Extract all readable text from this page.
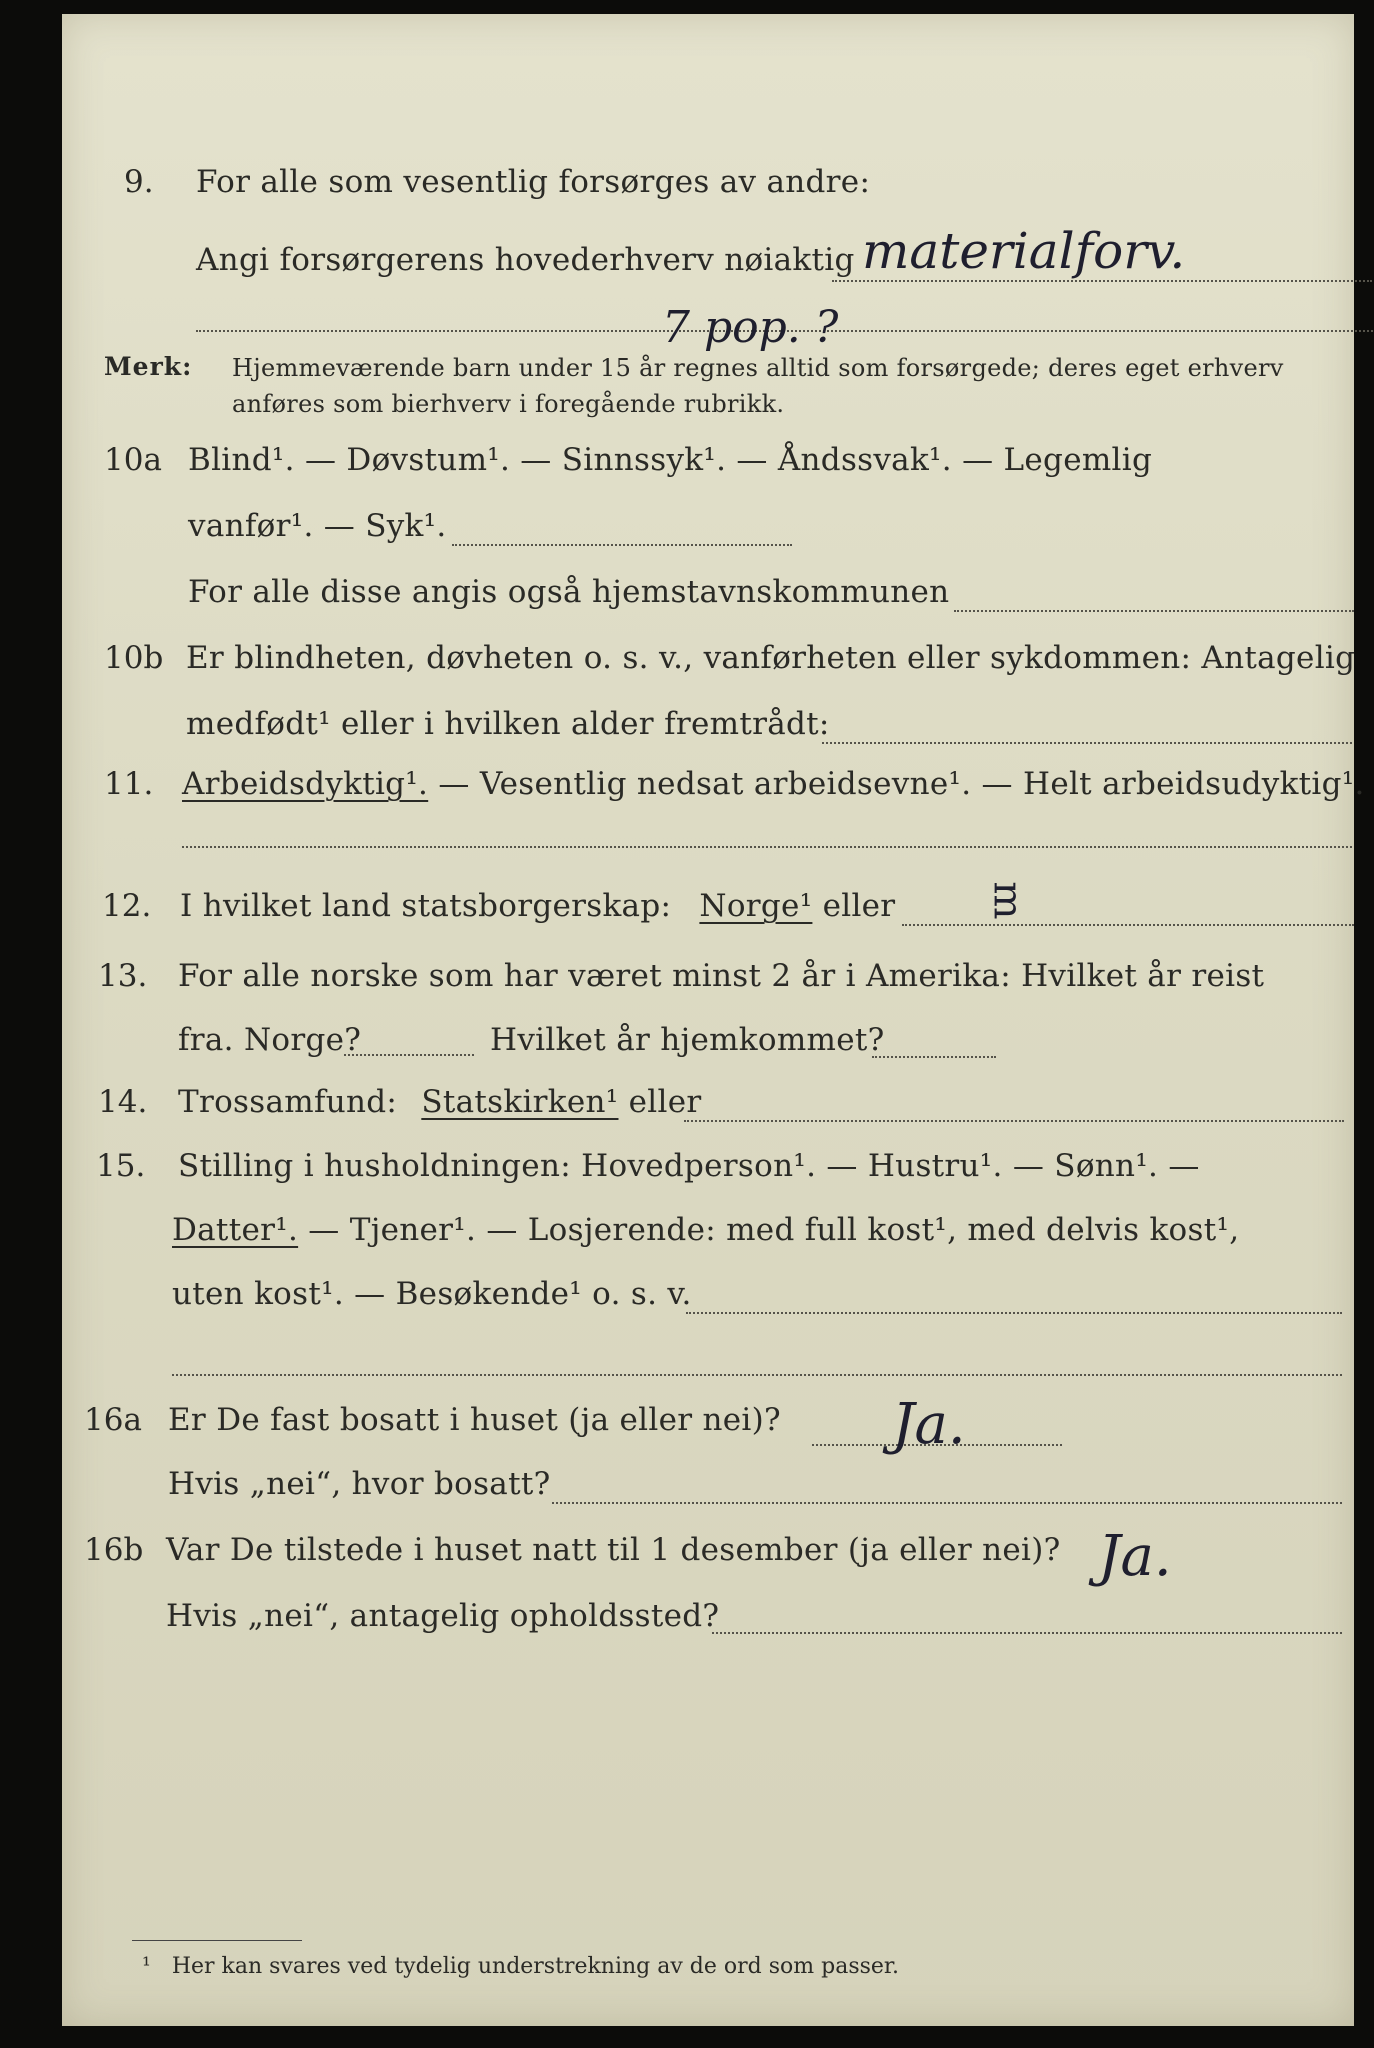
9. For alle som vesentlig forsørges av andre:
Angi forsørgerens hovederhverv nøiaktig materialforv.
7 pop. ?
Merk: Hjemmeværende barn under 15 år regnes alltid som forsørgede; deres eget erhverv
anføres som bierhverv i foregående rubrikk.
10a Blind¹. — Døvstum¹. — Sinnssyk¹. — Åndssvak¹. — Legemlig
vanfør¹. — Syk¹.
For alle disse angis også hjemstavnskommunen
10b Er blindheten, døvheten o. s. v., vanførheten eller sykdommen: Antagelig
medfødt¹ eller i hvilken alder fremtrådt:
11. Arbeidsdyktig¹. — Vesentlig nedsat arbeidsevne¹. — Helt arbeidsudyktig¹.
12. I hvilket land statsborgerskap: Norge¹ eller ᴟ
13. For alle norske som har været minst 2 år i Amerika: Hvilket år reist
fra. Norge?	Hvilket år hjemkommet?
14. Trossamfund: Statskirken¹ eller
15. Stilling i husholdningen: Hovedperson¹. — Hustru¹. — Sønn¹. —
Datter¹. — Tjener¹. — Losjerende: med full kost¹, med delvis kost¹,
uten kost¹. — Besøkende¹ o. s. v.
16a Er De fast bosatt i huset (ja eller nei)? Ja.
Hvis „nei“, hvor bosatt?
16b Var De tilstede i huset natt til 1 desember (ja eller nei)? Ja.
Hvis „nei“, antagelig opholdssted?
¹ Her kan svares ved tydelig understrekning av de ord som passer.
